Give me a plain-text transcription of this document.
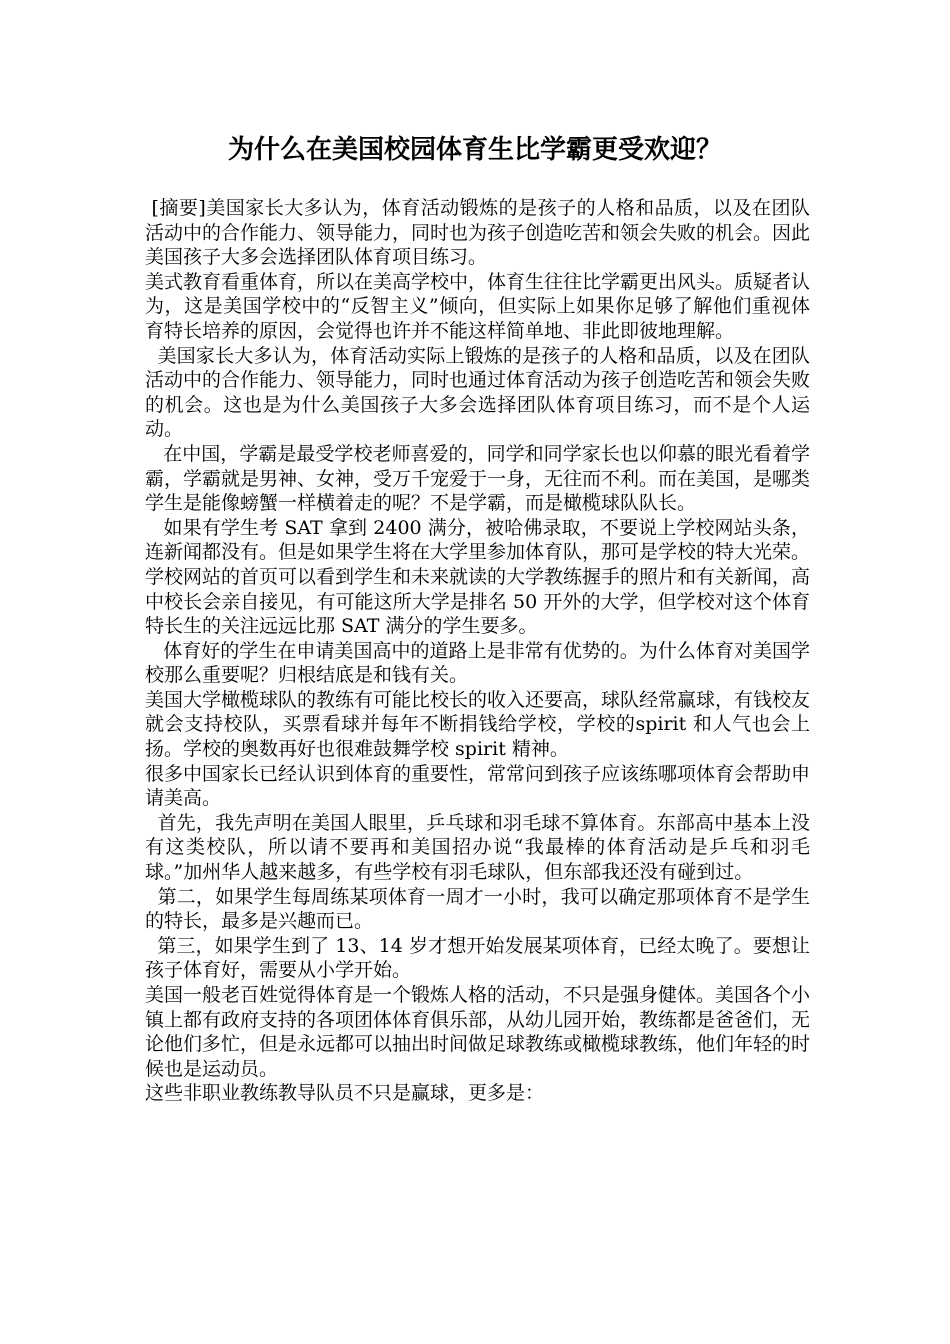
为什么在美国校园体育生比学霸更受欢迎？

[摘要]美国家长大多认为，体育活动锻炼的是孩子的人格和品质，以及在团队活动中的合作能力、领导能力，同时也为孩子创造吃苦和领会失败的机会。因此美国孩子大多会选择团队体育项目练习。

美式教育看重体育，所以在美高学校中，体育生往往比学霸更出风头。质疑者认为，这是美国学校中的“反智主义”倾向，但实际上如果你足够了解他们重视体育特长培养的原因，会觉得也许并不能这样简单地、非此即彼地理解。

美国家长大多认为，体育活动实际上锻炼的是孩子的人格和品质，以及在团队活动中的合作能力、领导能力，同时也通过体育活动为孩子创造吃苦和领会失败的机会。这也是为什么美国孩子大多会选择团队体育项目练习，而不是个人运动。

在中国，学霸是最受学校老师喜爱的，同学和同学家长也以仰慕的眼光看着学霸，学霸就是男神、女神，受万千宠爱于一身，无往而不利。而在美国，是哪类学生是能像螃蟹一样横着走的呢？不是学霸，而是橄榄球队队长。

如果有学生考 SAT 拿到 2400 满分，被哈佛录取，不要说上学校网站头条，连新闻都没有。但是如果学生将在大学里参加体育队，那可是学校的特大光荣。学校网站的首页可以看到学生和未来就读的大学教练握手的照片和有关新闻，高中校长会亲自接见，有可能这所大学是排名 50 开外的大学，但学校对这个体育特长生的关注远远比那 SAT 满分的学生要多。

体育好的学生在申请美国高中的道路上是非常有优势的。为什么体育对美国学校那么重要呢？归根结底是和钱有关。

美国大学橄榄球队的教练有可能比校长的收入还要高，球队经常赢球，有钱校友就会支持校队，买票看球并每年不断捐钱给学校，学校的spirit 和人气也会上扬。学校的奥数再好也很难鼓舞学校 spirit 精神。

很多中国家长已经认识到体育的重要性，常常问到孩子应该练哪项体育会帮助申请美高。

首先，我先声明在美国人眼里，乒乓球和羽毛球不算体育。东部高中基本上没有这类校队，所以请不要再和美国招办说“我最棒的体育活动是乒乓和羽毛球。”加州华人越来越多，有些学校有羽毛球队，但东部我还没有碰到过。

第二，如果学生每周练某项体育一周才一小时，我可以确定那项体育不是学生的特长，最多是兴趣而已。

第三，如果学生到了 13、14 岁才想开始发展某项体育，已经太晚了。要想让孩子体育好，需要从小学开始。

美国一般老百姓觉得体育是一个锻炼人格的活动，不只是强身健体。美国各个小镇上都有政府支持的各项团体体育俱乐部，从幼儿园开始，教练都是爸爸们，无论他们多忙，但是永远都可以抽出时间做足球教练或橄榄球教练，他们年轻的时候也是运动员。

这些非职业教练教导队员不只是赢球，更多是：
